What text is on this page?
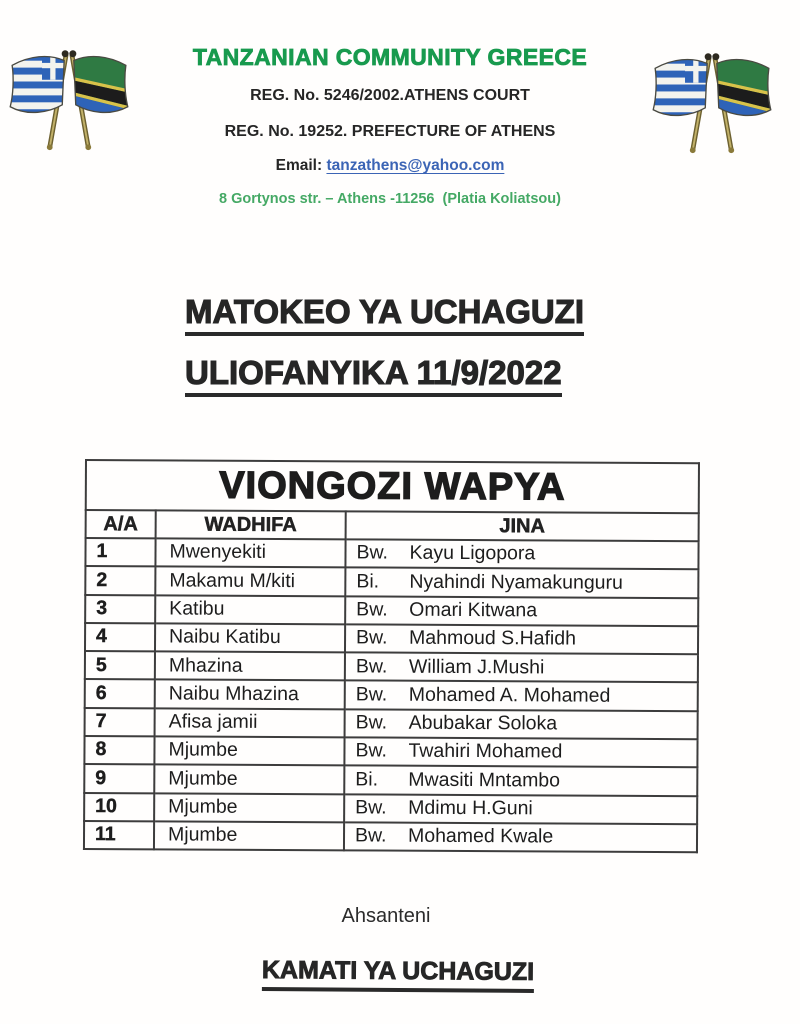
TANZANIAN COMMUNITY GREECE
REG. No. 5246/2002.ATHENS COURT
REG. No. 19252. PREFECTURE OF ATHENS
Email: tanzathens@yahoo.com
8 Gortynos str. – Athens -11256  (Platia Koliatsou)
MATOKEO YA UCHAGUZI
ULIOFANYIKA 11/9/2022
VIONGOZI WAPYA		
A/A	WADHIFA	JINA
1	Mwenyekiti	Bw. Kayu Ligopora
2	Makamu M/kiti	Bi. Nyahindi Nyamakunguru
3	Katibu	Bw. Omari Kitwana
4	Naibu Katibu	Bw. Mahmoud S.Hafidh
5	Mhazina	Bw. William J.Mushi
6	Naibu Mhazina	Bw. Mohamed A. Mohamed
7	Afisa jamii	Bw. Abubakar Soloka
8	Mjumbe	Bw. Twahiri Mohamed
9	Mjumbe	Bi. Mwasiti Mntambo
10	Mjumbe	Bw. Mdimu H.Guni
11	Mjumbe	Bw. Mohamed Kwale
Ahsanteni
KAMATI YA UCHAGUZI
